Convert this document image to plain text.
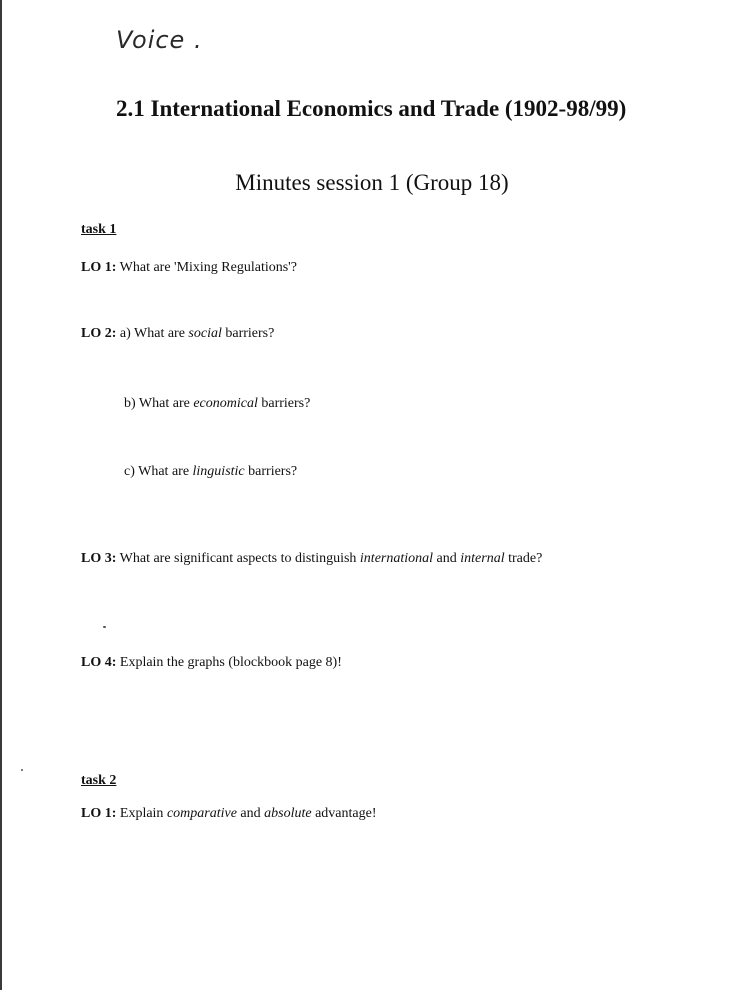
Voice .
2.1 International Economics and Trade (1902-98/99)
Minutes session 1 (Group 18)
task 1

LO 1: What are 'Mixing Regulations'?

LO 2: a) What are social barriers?

b) What are economical barriers?

c) What are linguistic barriers?

LO 3: What are significant aspects to distinguish international and internal trade?

LO 4: Explain the graphs (blockbook page 8)!

task 2

LO 1: Explain comparative and absolute advantage!
